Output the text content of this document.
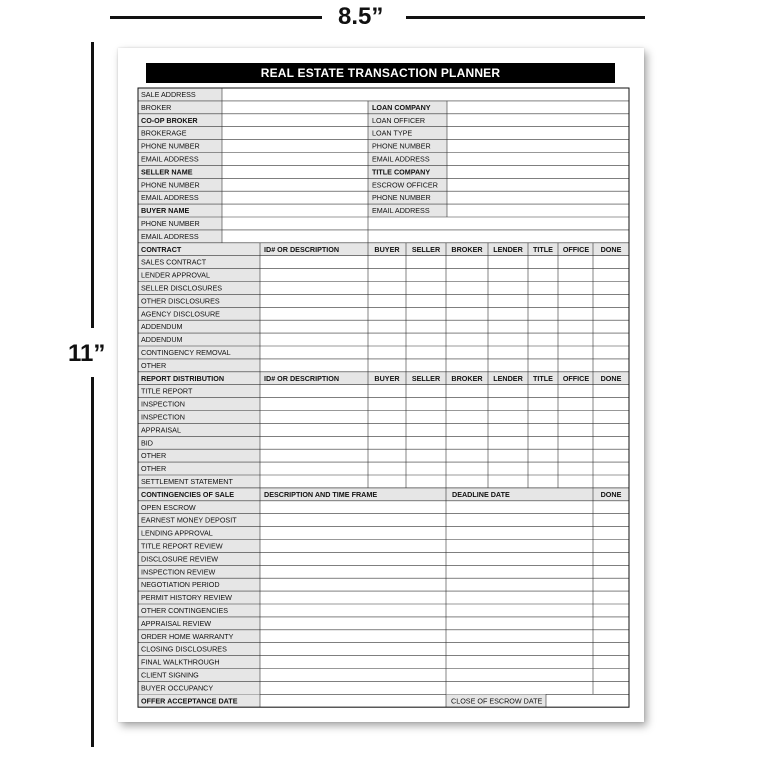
8.5”
11”
REAL ESTATE TRANSACTION PLANNER
SALE ADDRESS
BROKER	LOAN COMPANY
CO-OP BROKER	LOAN OFFICER
BROKERAGE	LOAN TYPE
PHONE NUMBER	PHONE NUMBER
EMAIL ADDRESS	EMAIL ADDRESS
SELLER NAME	TITLE COMPANY
PHONE NUMBER	ESCROW OFFICER
EMAIL ADDRESS	PHONE NUMBER
BUYER NAME	EMAIL ADDRESS
PHONE NUMBER
EMAIL ADDRESS
CONTRACT	ID# OR DESCRIPTION	BUYER SELLER BROKER LENDER TITLE OFFICE DONE
SALES CONTRACT
LENDER APPROVAL
SELLER DISCLOSURES
OTHER DISCLOSURES
AGENCY DISCLOSURE
ADDENDUM
ADDENDUM
CONTINGENCY REMOVAL
OTHER
REPORT DISTRIBUTION	ID# OR DESCRIPTION	BUYER SELLER BROKER LENDER TITLE OFFICE DONE
TITLE REPORT
INSPECTION
INSPECTION
APPRAISAL
BID
OTHER
OTHER
SETTLEMENT STATEMENT
CONTINGENCIES OF SALE	DESCRIPTION AND TIME FRAME	DEADLINE DATE	DONE
OPEN ESCROW
EARNEST MONEY DEPOSIT
LENDING APPROVAL
TITLE REPORT REVIEW
DISCLOSURE REVIEW
INSPECTION REVIEW
NEGOTIATION PERIOD
PERMIT HISTORY REVIEW
OTHER CONTINGENCIES
APPRAISAL REVIEW
ORDER HOME WARRANTY
CLOSING DISCLOSURES
FINAL WALKTHROUGH
CLIENT SIGNING
BUYER OCCUPANCY
OFFER ACCEPTANCE DATE	CLOSE OF ESCROW DATE
